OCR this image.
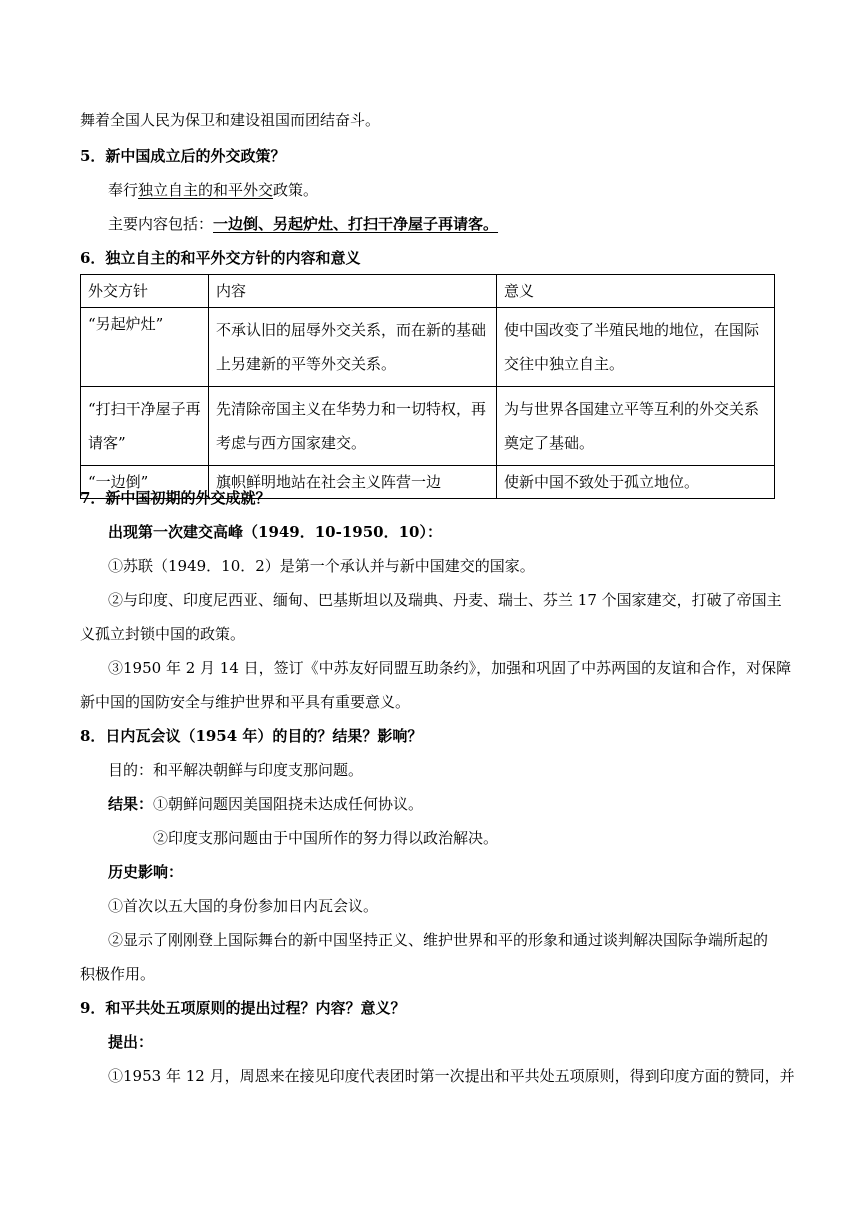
舞着全国人民为保卫和建设祖国而团结奋斗。
5．新中国成立后的外交政策？
奉行独立自主的和平外交政策。
主要内容包括：一边倒、另起炉灶、打扫干净屋子再请客。
6．独立自主的和平外交方针的内容和意义
外交方针	内容	意义
“另起炉灶”	不承认旧的屈辱外交关系，而在新的基础上另建新的平等外交关系。	使中国改变了半殖民地的地位，在国际交往中独立自主。
“打扫干净屋子再请客”	先清除帝国主义在华势力和一切特权，再考虑与西方国家建交。	为与世界各国建立平等互利的外交关系奠定了基础。
“一边倒”	旗帜鲜明地站在社会主义阵营一边	使新中国不致处于孤立地位。
7．新中国初期的外交成就？
出现第一次建交高峰（1949．10-1950．10）：
①苏联（1949．10．2）是第一个承认并与新中国建交的国家。
②与印度、印度尼西亚、缅甸、巴基斯坦以及瑞典、丹麦、瑞士、芬兰 17 个国家建交，打破了帝国主
义孤立封锁中国的政策。
③1950 年 2 月 14 日，签订《中苏友好同盟互助条约》，加强和巩固了中苏两国的友谊和合作，对保障
新中国的国防安全与维护世界和平具有重要意义。
8．日内瓦会议（1954 年）的目的？结果？影响？
目的：和平解决朝鲜与印度支那问题。
结果：①朝鲜问题因美国阻挠未达成任何协议。
②印度支那问题由于中国所作的努力得以政治解决。
历史影响：
①首次以五大国的身份参加日内瓦会议。
②显示了刚刚登上国际舞台的新中国坚持正义、维护世界和平的形象和通过谈判解决国际争端所起的
积极作用。
9．和平共处五项原则的提出过程？内容？意义？
提出：
①1953 年 12 月，周恩来在接见印度代表团时第一次提出和平共处五项原则，得到印度方面的赞同，并
